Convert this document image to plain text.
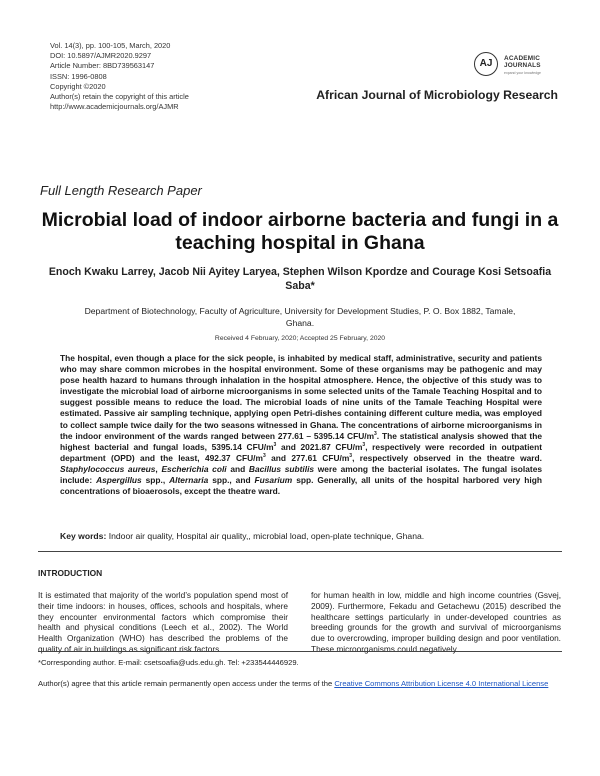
Vol. 14(3), pp. 100-105, March, 2020
DOI: 10.5897/AJMR2020.9297
Article Number: 8BD739563147
ISSN: 1996-0808
Copyright ©2020
Author(s) retain the copyright of this article
http://www.academicjournals.org/AJMR
AJ	ACADEMIC
JOURNALS
expand your knowledge
African Journal of Microbiology Research
Full Length Research Paper
Microbial load of indoor airborne bacteria and fungi in a teaching hospital in Ghana
Enoch Kwaku Larrey, Jacob Nii Ayitey Laryea, Stephen Wilson Kpordze and Courage Kosi Setsoafia Saba*
Department of Biotechnology, Faculty of Agriculture, University for Development Studies, P. O. Box 1882, Tamale, Ghana.
Received 4 February, 2020; Accepted 25 February, 2020
The hospital, even though a place for the sick people, is inhabited by medical staff, administrative, security and patients who may share common microbes in the hospital environment. Some of these organisms may be pathogenic and may pose health hazard to humans through inhalation in the hospital atmosphere. Hence, the objective of this study was to investigate the microbial load of airborne microorganisms in some selected units of the Tamale Teaching Hospital and to suggest possible means to reduce the load. The microbial loads of nine units of the Tamale Teaching Hospital were estimated. Passive air sampling technique, applying open Petri-dishes containing different culture media, was employed to collect sample twice daily for the two seasons witnessed in Ghana. The concentrations of airborne microorganisms in the indoor environment of the wards ranged between 277.61 – 5395.14 CFU/$m^3$. The statistical analysis showed that the highest bacterial and fungal loads, 5395.14 CFU/$m^3$ and 2021.87 CFU/$m^3$, respectively were recorded in outpatient department (OPD) and the least, 492.37 CFU/$m^3$ and 277.61 CFU/$m^3$, respectively observed in the theatre ward. Staphylococcus aureus, Escherichia coli and Bacillus subtilis were among the bacterial isolates. The fungal isolates include: Aspergillus spp., Alternaria spp., and Fusarium spp. Generally, all units of the hospital harbored very high concentrations of bioaerosols, except the theatre ward.
Key words: Indoor air quality, Hospital air quality,, microbial load, open-plate technique, Ghana.
INTRODUCTION
It is estimated that majority of the world’s population spend most of their time indoors: in houses, offices, schools and hospitals, where they encounter environmental factors which compromise their health and physical conditions (Leech et al., 2002). The World Health Organization (WHO) has described the problems of the quality of air in buildings as significant risk factors
for human health in low, middle and high income countries (Gsvej, 2009). Furthermore, Fekadu and Getachewu (2015) described the healthcare settings particularly in under-developed countries as breeding grounds for the growth and survival of microorganisms due to overcrowding, improper building design and poor ventilation. These microorganisms could negatively
*Corresponding author. E-mail: csetsoafia@uds.edu.gh. Tel: +233544446929.
Author(s) agree that this article remain permanently open access under the terms of the Creative Commons Attribution License 4.0 International License
